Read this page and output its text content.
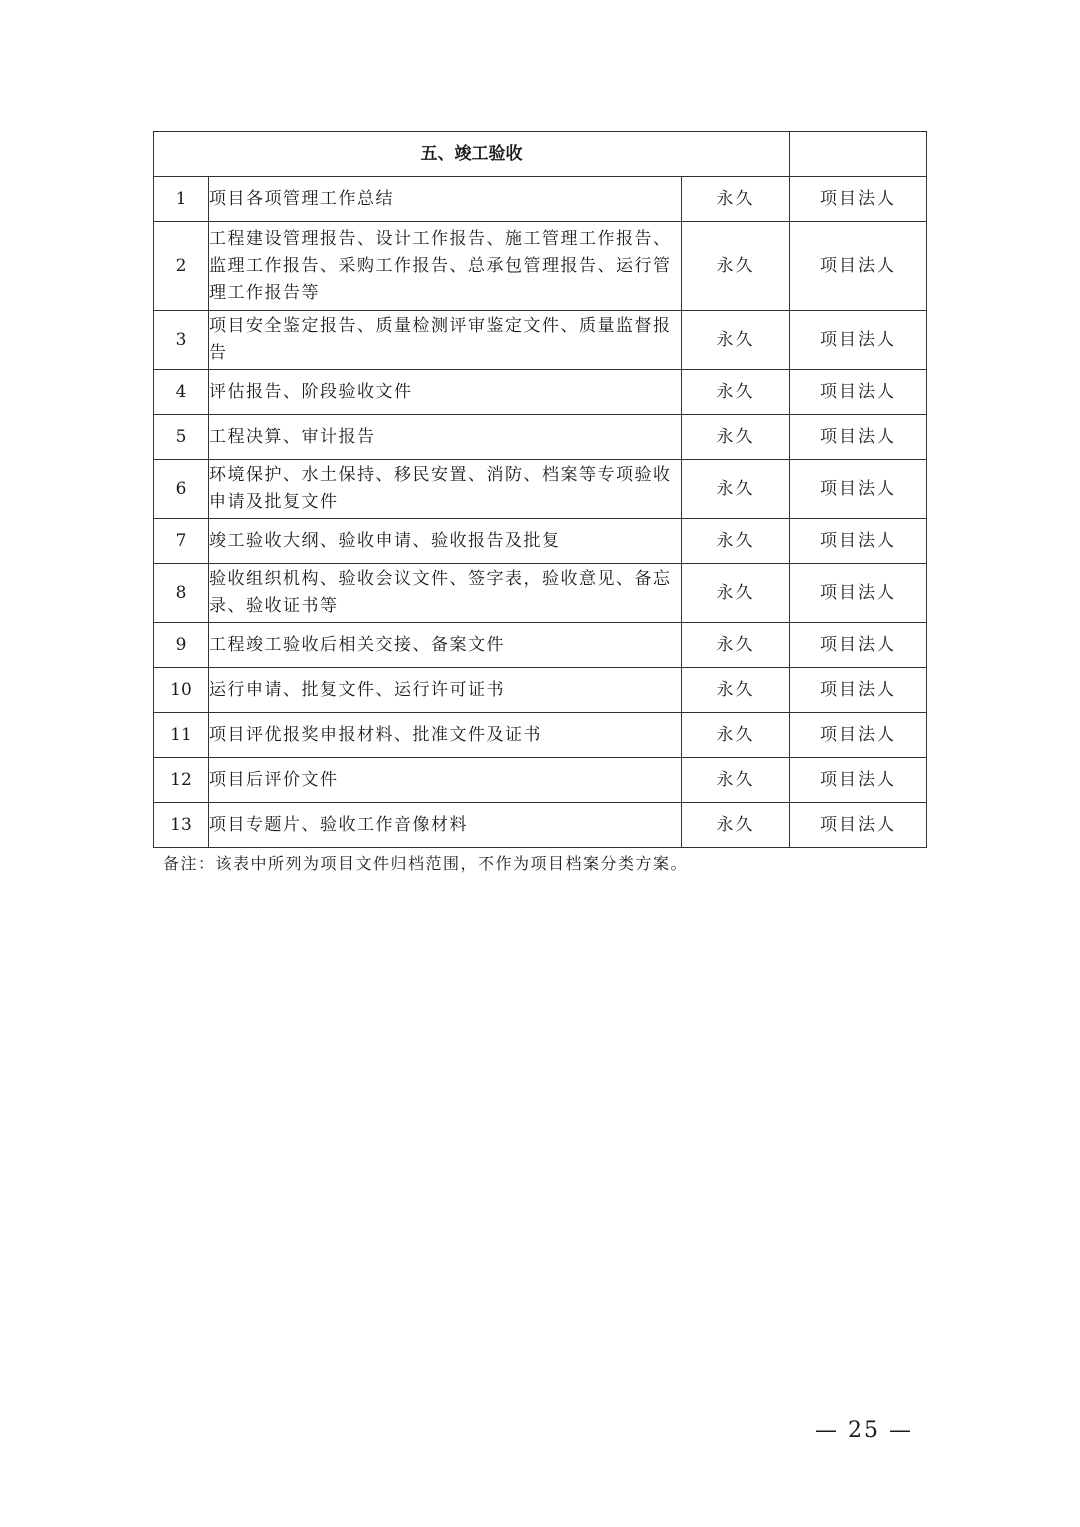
五、竣工验收			
1	项目各项管理工作总结	永久	项目法人
2	工程建设管理报告、设计工作报告、施工管理工作报告、监理工作报告、采购工作报告、总承包管理报告、运行管理工作报告等	永久	项目法人
3	项目安全鉴定报告、质量检测评审鉴定文件、质量监督报告	永久	项目法人
4	评估报告、阶段验收文件	永久	项目法人
5	工程决算、审计报告	永久	项目法人
6	环境保护、水土保持、移民安置、消防、档案等专项验收申请及批复文件	永久	项目法人
7	竣工验收大纲、验收申请、验收报告及批复	永久	项目法人
8	验收组织机构、验收会议文件、签字表，验收意见、备忘录、验收证书等	永久	项目法人
9	工程竣工验收后相关交接、备案文件	永久	项目法人
10	运行申请、批复文件、运行许可证书	永久	项目法人
11	项目评优报奖申报材料、批准文件及证书	永久	项目法人
12	项目后评价文件	永久	项目法人
13	项目专题片、验收工作音像材料	永久	项目法人
备注：该表中所列为项目文件归档范围，不作为项目档案分类方案。
— 25 —
